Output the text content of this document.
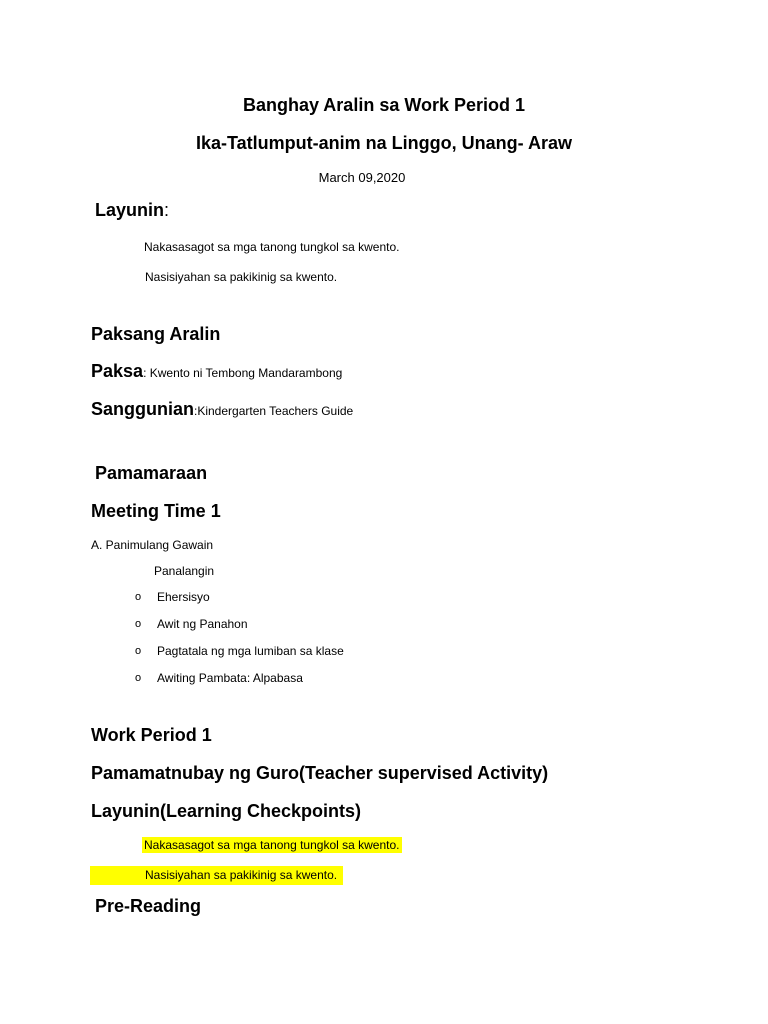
Banghay Aralin sa Work Period 1
Ika-Tatlumput-anim na Linggo, Unang- Araw
March 09,2020
Layunin:
Nakasasagot sa mga tanong tungkol sa kwento.
Nasisiyahan sa pakikinig sa kwento.
Paksang Aralin
Paksa: Kwento ni Tembong Mandarambong
Sanggunian:Kindergarten Teachers Guide
Pamamaraan
Meeting Time 1
A. Panimulang Gawain
Panalangin
o Ehersisyo
o Awit ng Panahon
o Pagtatala ng mga lumiban sa klase
o Awiting Pambata: Alpabasa
Work Period 1
Pamamatnubay ng Guro(Teacher supervised Activity)
Layunin(Learning Checkpoints)
Nakasasagot sa mga tanong tungkol sa kwento.
Nasisiyahan sa pakikinig sa kwento.
Pre-Reading
